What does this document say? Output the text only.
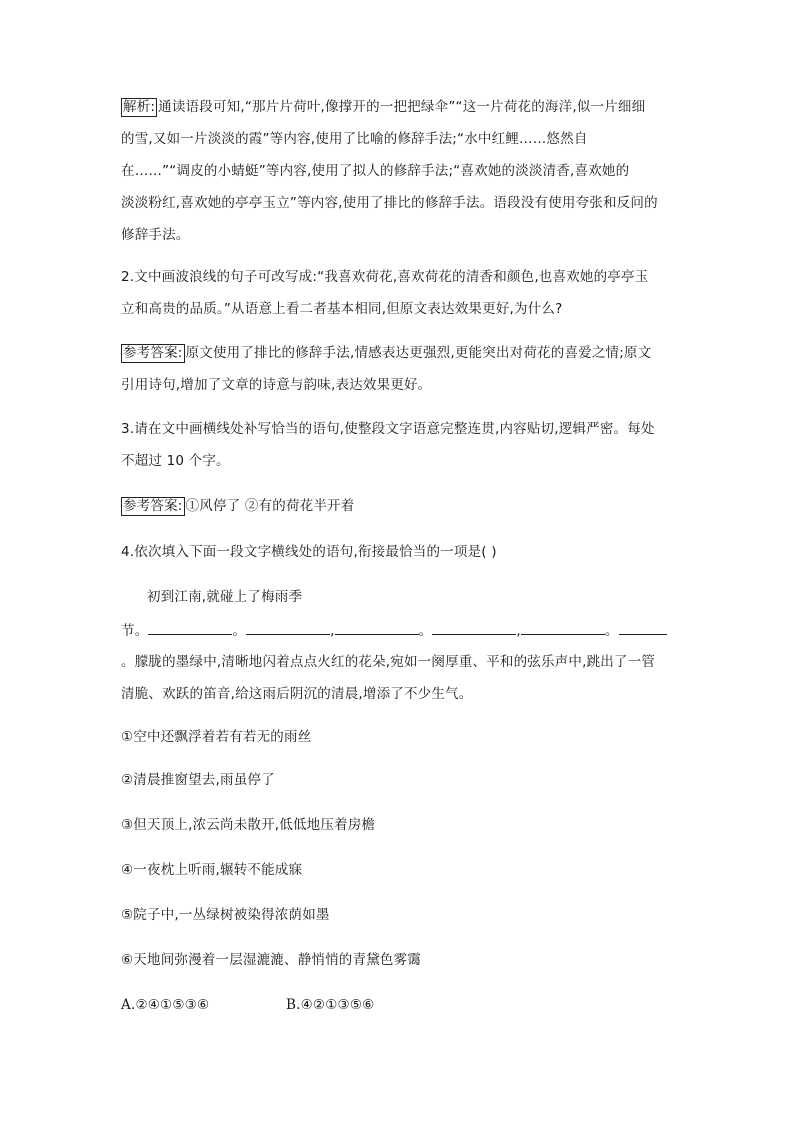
解析: 通读语段可知,“那片片荷叶,像撑开的一把把绿伞”“这一片荷花的海洋,似一片细细
的雪,又如一片淡淡的霞”等内容,使用了比喻的修辞手法;“水中红鲤……悠然自
在……”“调皮的小蜻蜓”等内容,使用了拟人的修辞手法;“喜欢她的淡淡清香,喜欢她的
淡淡粉红,喜欢她的亭亭玉立”等内容,使用了排比的修辞手法。语段没有使用夸张和反问的
修辞手法。
2.文中画波浪线的句子可改写成:“我喜欢荷花,喜欢荷花的清香和颜色,也喜欢她的亭亭玉
立和高贵的品质。”从语意上看二者基本相同,但原文表达效果更好,为什么?
参考答案: 原文使用了排比的修辞手法,情感表达更强烈,更能突出对荷花的喜爱之情;原文
引用诗句,增加了文章的诗意与韵味,表达效果更好。
3.请在文中画横线处补写恰当的语句,使整段文字语意完整连贯,内容贴切,逻辑严密。每处
不超过 10 个字。
参考答案: ①风停了 ②有的荷花半开着
4.依次填入下面一段文字横线处的语句,衔接最恰当的一项是( )
初到江南,就碰上了梅雨季
节。	。	,	。	,	。
。朦胧的墨绿中,清晰地闪着点点火红的花朵,宛如一阕厚重、平和的弦乐声中,跳出了一管
清脆、欢跃的笛音,给这雨后阴沉的清晨,增添了不少生气。
①空中还飘浮着若有若无的雨丝
②清晨推窗望去,雨虽停了
③但天顶上,浓云尚未散开,低低地压着房檐
④一夜枕上听雨,辗转不能成寐
⑤院子中,一丛绿树被染得浓荫如墨
⑥天地间弥漫着一层湿漉漉、静悄悄的青黛色雾霭
A.②④①⑤③⑥	B.④②①③⑤⑥
